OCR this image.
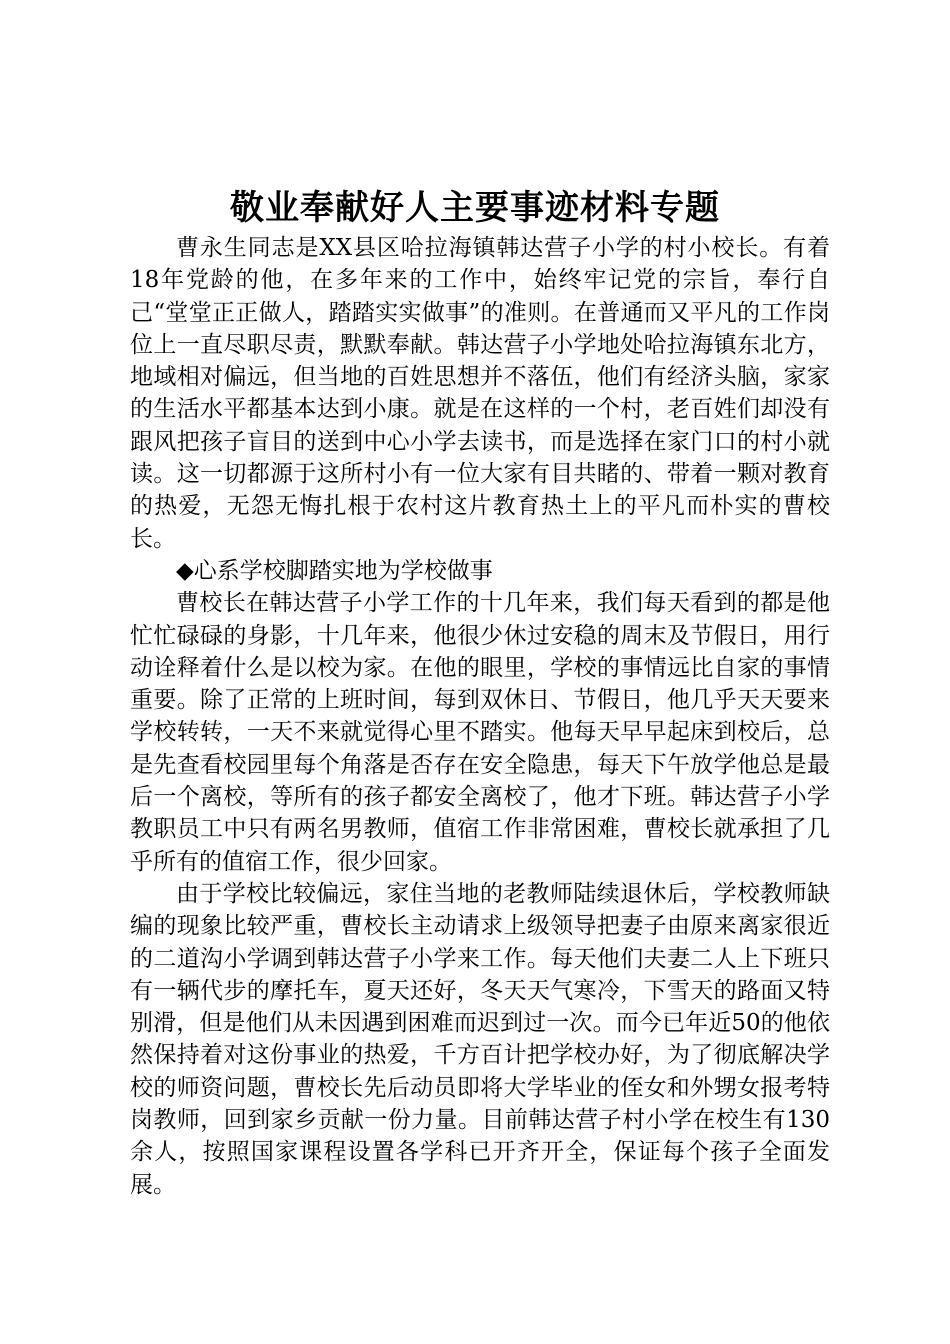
敬业奉献好人主要事迹材料专题

曹永生同志是XX县区哈拉海镇韩达营子小学的村小校长。有着18年党龄的他，在多年来的工作中，始终牢记党的宗旨，奉行自己“堂堂正正做人，踏踏实实做事”的准则。在普通而又平凡的工作岗位上一直尽职尽责，默默奉献。韩达营子小学地处哈拉海镇东北方，地域相对偏远，但当地的百姓思想并不落伍，他们有经济头脑，家家的生活水平都基本达到小康。就是在这样的一个村，老百姓们却没有跟风把孩子盲目的送到中心小学去读书，而是选择在家门口的村小就读。这一切都源于这所村小有一位大家有目共睹的、带着一颗对教育的热爱，无怨无悔扎根于农村这片教育热土上的平凡而朴实的曹校长。

◆心系学校脚踏实地为学校做事

曹校长在韩达营子小学工作的十几年来，我们每天看到的都是他忙忙碌碌的身影，十几年来，他很少休过安稳的周末及节假日，用行动诠释着什么是以校为家。在他的眼里，学校的事情远比自家的事情重要。除了正常的上班时间，每到双休日、节假日，他几乎天天要来学校转转，一天不来就觉得心里不踏实。他每天早早起床到校后，总是先查看校园里每个角落是否存在安全隐患，每天下午放学他总是最后一个离校，等所有的孩子都安全离校了，他才下班。韩达营子小学教职员工中只有两名男教师，值宿工作非常困难，曹校长就承担了几乎所有的值宿工作，很少回家。

由于学校比较偏远，家住当地的老教师陆续退休后，学校教师缺编的现象比较严重，曹校长主动请求上级领导把妻子由原来离家很近的二道沟小学调到韩达营子小学来工作。每天他们夫妻二人上下班只有一辆代步的摩托车，夏天还好，冬天天气寒冷，下雪天的路面又特别滑，但是他们从未因遇到困难而迟到过一次。而今已年近50的他依然保持着对这份事业的热爱，千方百计把学校办好，为了彻底解决学校的师资问题，曹校长先后动员即将大学毕业的侄女和外甥女报考特岗教师，回到家乡贡献一份力量。目前韩达营子村小学在校生有130余人，按照国家课程设置各学科已开齐开全，保证每个孩子全面发展。
